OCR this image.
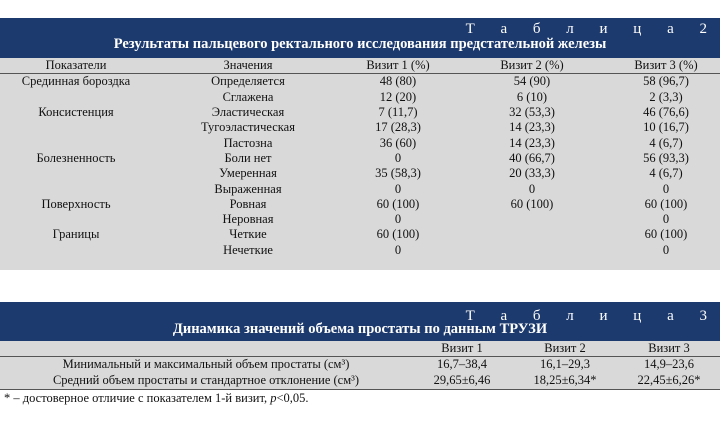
Т а б л и ц а 2
Результаты пальцевого ректального исследования предстательной железы
Показатели	Значения	Визит 1 (%)	Визит 2 (%)	Визит 3 (%)
Срединная бороздка	Определяется	48 (80)	54 (90)	58 (96,7)
	Сглажена	12 (20)	6 (10)	2 (3,3)
Консистенция	Эластическая	7 (11,7)	32 (53,3)	46 (76,6)
	Тугоэластическая	17 (28,3)	14 (23,3)	10 (16,7)
	Пастозна	36 (60)	14 (23,3)	4 (6,7)
Болезненность	Боли нет	0	40 (66,7)	56 (93,3)
	Умеренная	35 (58,3)	20 (33,3)	4 (6,7)
	Выраженная	0	0	0
Поверхность	Ровная	60 (100)	60 (100)	60 (100)
	Неровная	0		0
Границы	Четкие	60 (100)		60 (100)
	Нечеткие	0		0
Т а б л и ц а 3
Динамика значений объема простаты по данным ТРУЗИ
	Визит 1	Визит 2	Визит 3
Минимальный и максимальный объем простаты (см³)	16,7–38,4	16,1–29,3	14,9–23,6
Средний объем простаты и стандартное отклонение (см³)	29,65±6,46	18,25±6,34*	22,45±6,26*
* – достоверное отличие с показателем 1-й визит, p<0,05.
